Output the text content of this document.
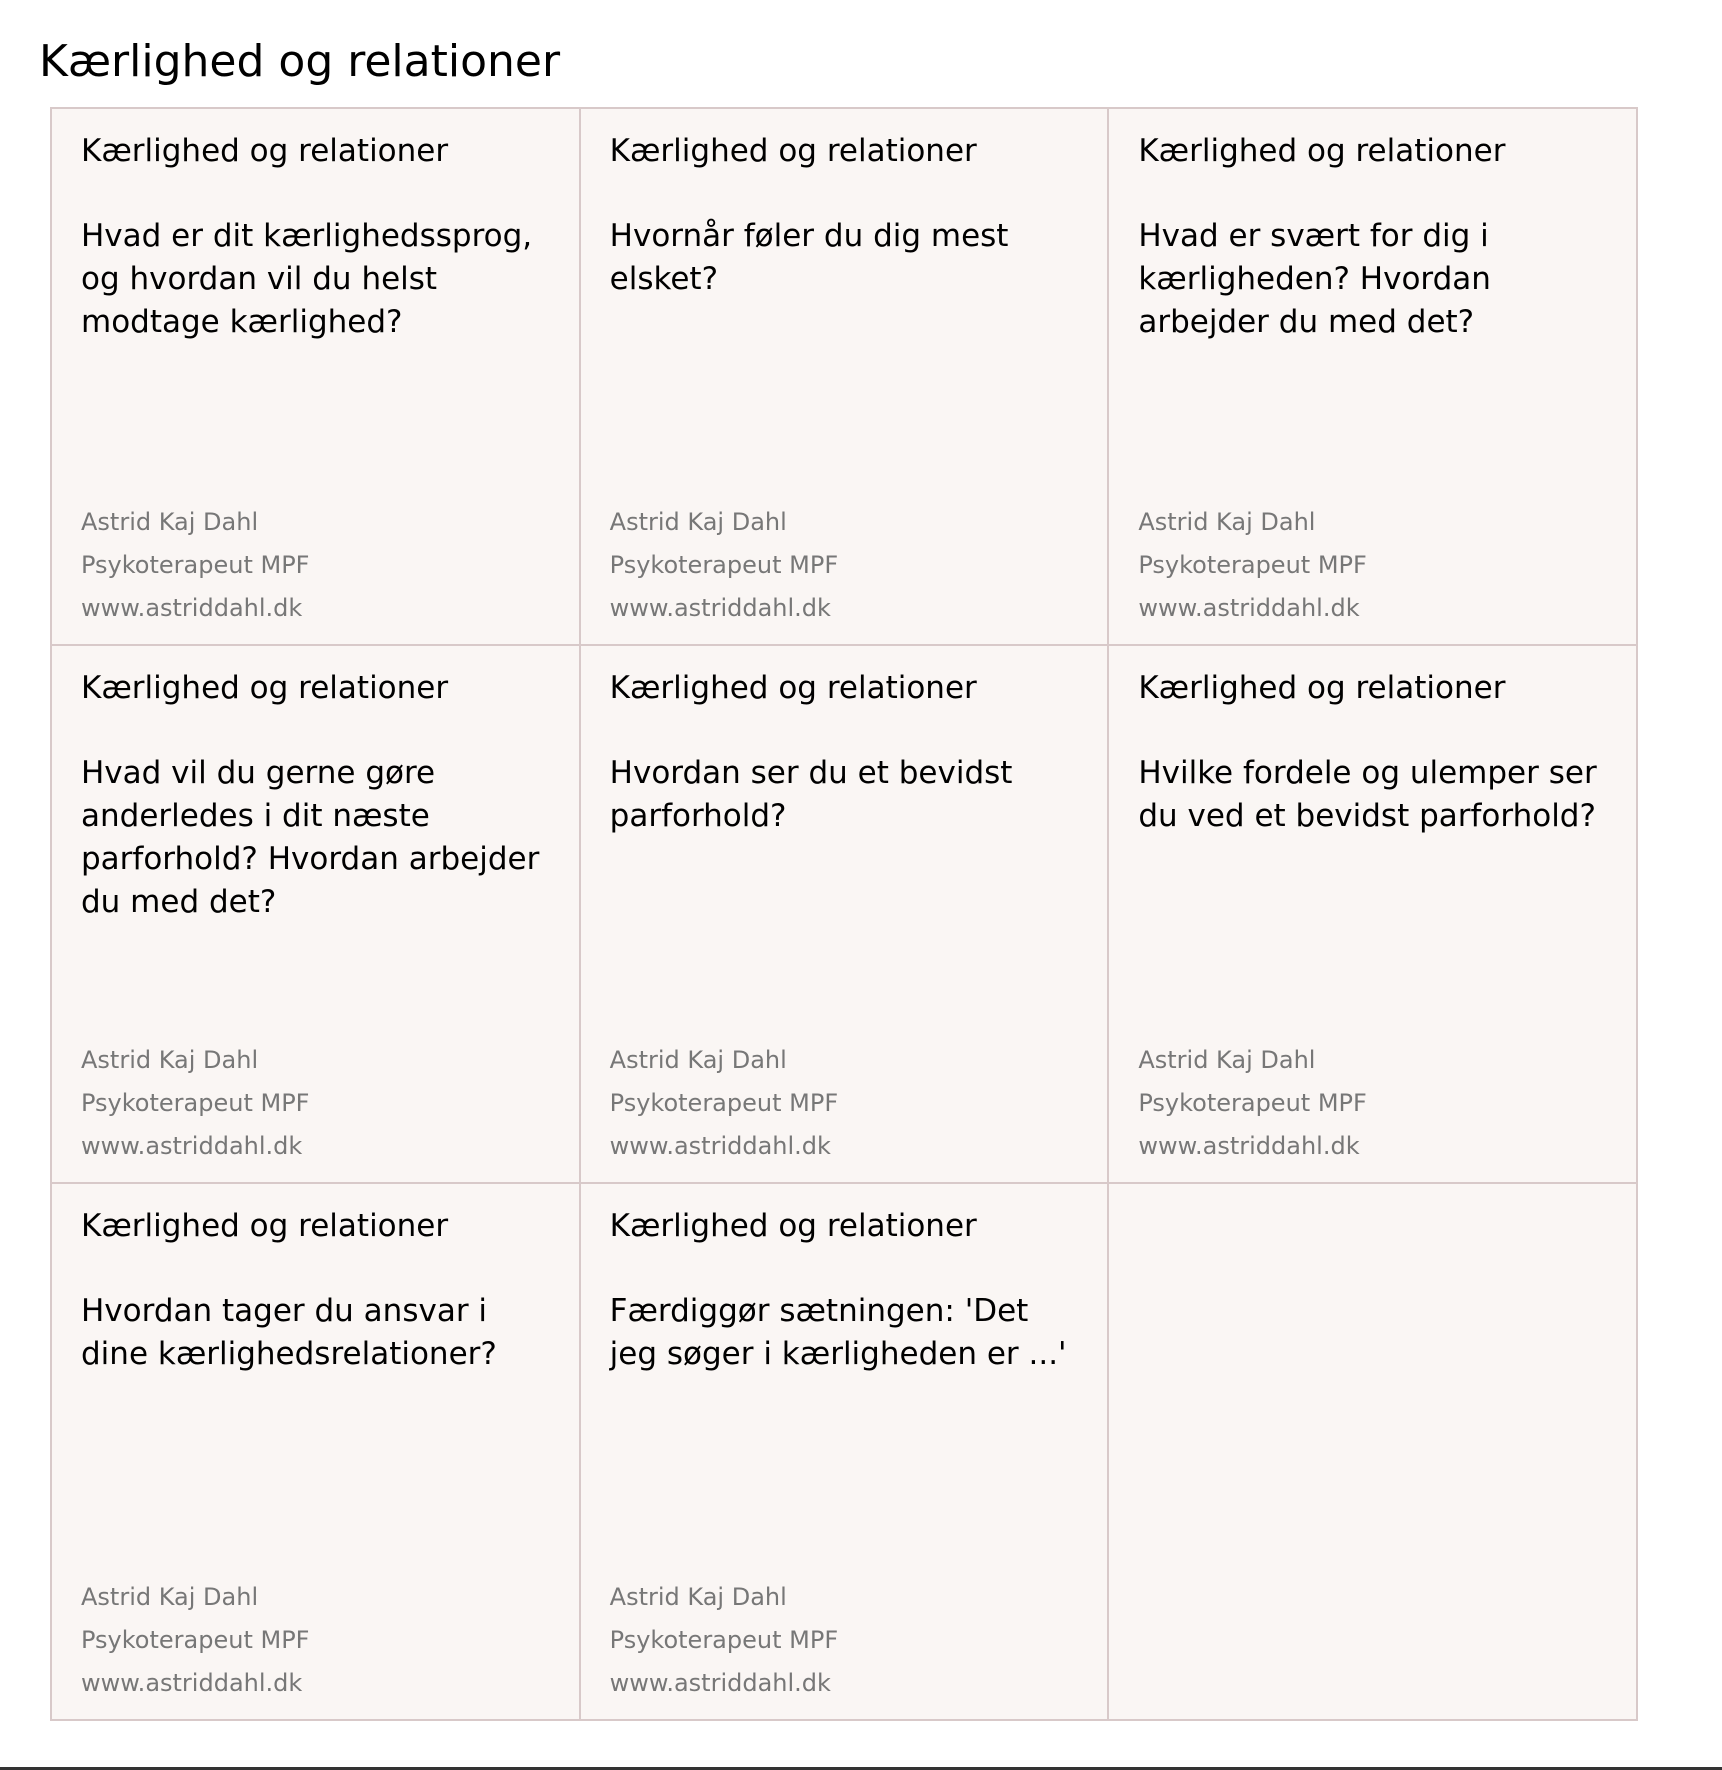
Kærlighed og relationer
Kærlighed og relationer
Hvad er dit kærlighedssprog, og hvordan vil du helst modtage kærlighed?
Astrid Kaj Dahl
Psykoterapeut MPF
www.astriddahl.dk
Kærlighed og relationer
Hvornår føler du dig mest elsket?
Astrid Kaj Dahl
Psykoterapeut MPF
www.astriddahl.dk
Kærlighed og relationer
Hvad er svært for dig i kærligheden? Hvordan arbejder du med det?
Astrid Kaj Dahl
Psykoterapeut MPF
www.astriddahl.dk
Kærlighed og relationer
Hvad vil du gerne gøre anderledes i dit næste parforhold? Hvordan arbejder du med det?
Astrid Kaj Dahl
Psykoterapeut MPF
www.astriddahl.dk
Kærlighed og relationer
Hvordan ser du et bevidst parforhold?
Astrid Kaj Dahl
Psykoterapeut MPF
www.astriddahl.dk
Kærlighed og relationer
Hvilke fordele og ulemper ser du ved et bevidst parforhold?
Astrid Kaj Dahl
Psykoterapeut MPF
www.astriddahl.dk
Kærlighed og relationer
Hvordan tager du ansvar i dine kærlighedsrelationer?
Astrid Kaj Dahl
Psykoterapeut MPF
www.astriddahl.dk
Kærlighed og relationer
Færdiggør sætningen: 'Det jeg søger i kærligheden er ...'
Astrid Kaj Dahl
Psykoterapeut MPF
www.astriddahl.dk
